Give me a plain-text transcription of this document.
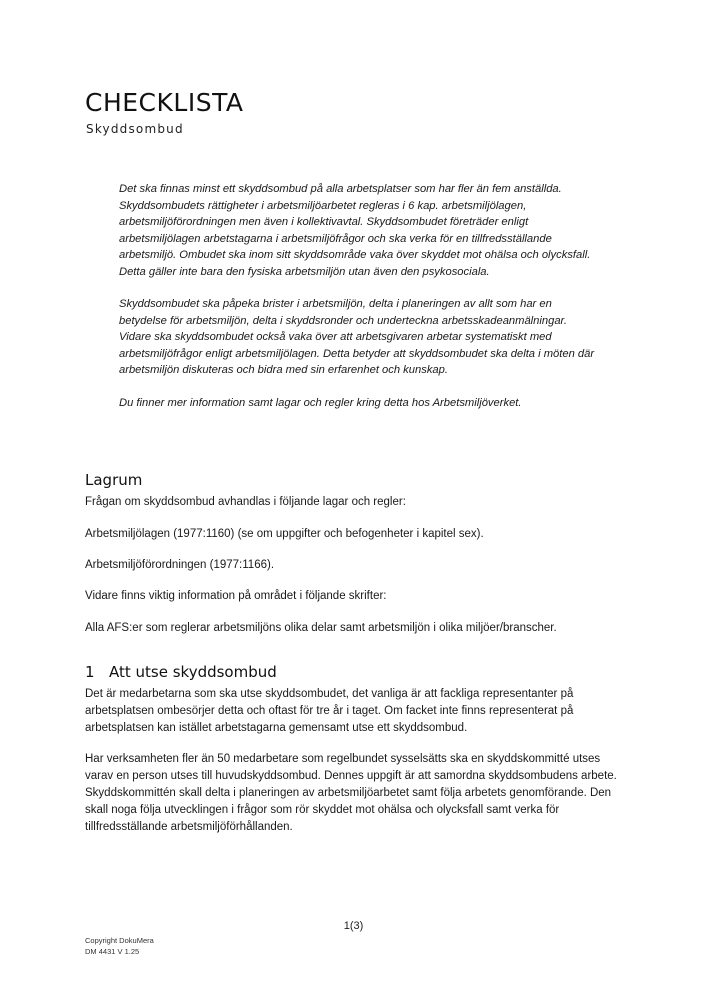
CHECKLISTA
Skyddsombud

Det ska finnas minst ett skyddsombud på alla arbetsplatser som har fler än fem anställda. Skyddsombudets rättigheter i arbetsmiljöarbetet regleras i 6 kap. arbetsmiljölagen, arbetsmiljöförordningen men även i kollektivavtal. Skyddsombudet företräder enligt arbetsmiljölagen arbetstagarna i arbetsmiljöfrågor och ska verka för en tillfredsställande arbetsmiljö. Ombudet ska inom sitt skyddsområde vaka över skyddet mot ohälsa och olycksfall. Detta gäller inte bara den fysiska arbetsmiljön utan även den psykosociala.

Skyddsombudet ska påpeka brister i arbetsmiljön, delta i planeringen av allt som har en betydelse för arbetsmiljön, delta i skyddsronder och underteckna arbetsskadeanmälningar. Vidare ska skyddsombudet också vaka över att arbetsgivaren arbetar systematiskt med arbetsmiljöfrågor enligt arbetsmiljölagen. Detta betyder att skyddsombudet ska delta i möten där arbetsmiljön diskuteras och bidra med sin erfarenhet och kunskap.

Du finner mer information samt lagar och regler kring detta hos Arbetsmiljöverket.

Lagrum
Frågan om skyddsombud avhandlas i följande lagar och regler:
Arbetsmiljölagen (1977:1160) (se om uppgifter och befogenheter i kapitel sex).
Arbetsmiljöförordningen (1977:1166).
Vidare finns viktig information på området i följande skrifter:
Alla AFS:er som reglerar arbetsmiljöns olika delar samt arbetsmiljön i olika miljöer/branscher.
1 Att utse skyddsombud
Det är medarbetarna som ska utse skyddsombudet, det vanliga är att fackliga representanter på arbetsplatsen ombesörjer detta och oftast för tre år i taget. Om facket inte finns representerat på arbetsplatsen kan istället arbetstagarna gemensamt utse ett skyddsombud.
Har verksamheten fler än 50 medarbetare som regelbundet sysselsätts ska en skyddskommitté utses varav en person utses till huvudskyddsombud. Dennes uppgift är att samordna skyddsombudens arbete. Skyddskommittén skall delta i planeringen av arbetsmiljöarbetet samt följa arbetets genomförande. Den skall noga följa utvecklingen i frågor som rör skyddet mot ohälsa och olycksfall samt verka för tillfredsställande arbetsmiljöförhållanden.
1(3)
Copyright DokuMera
DM 4431 V 1.25
